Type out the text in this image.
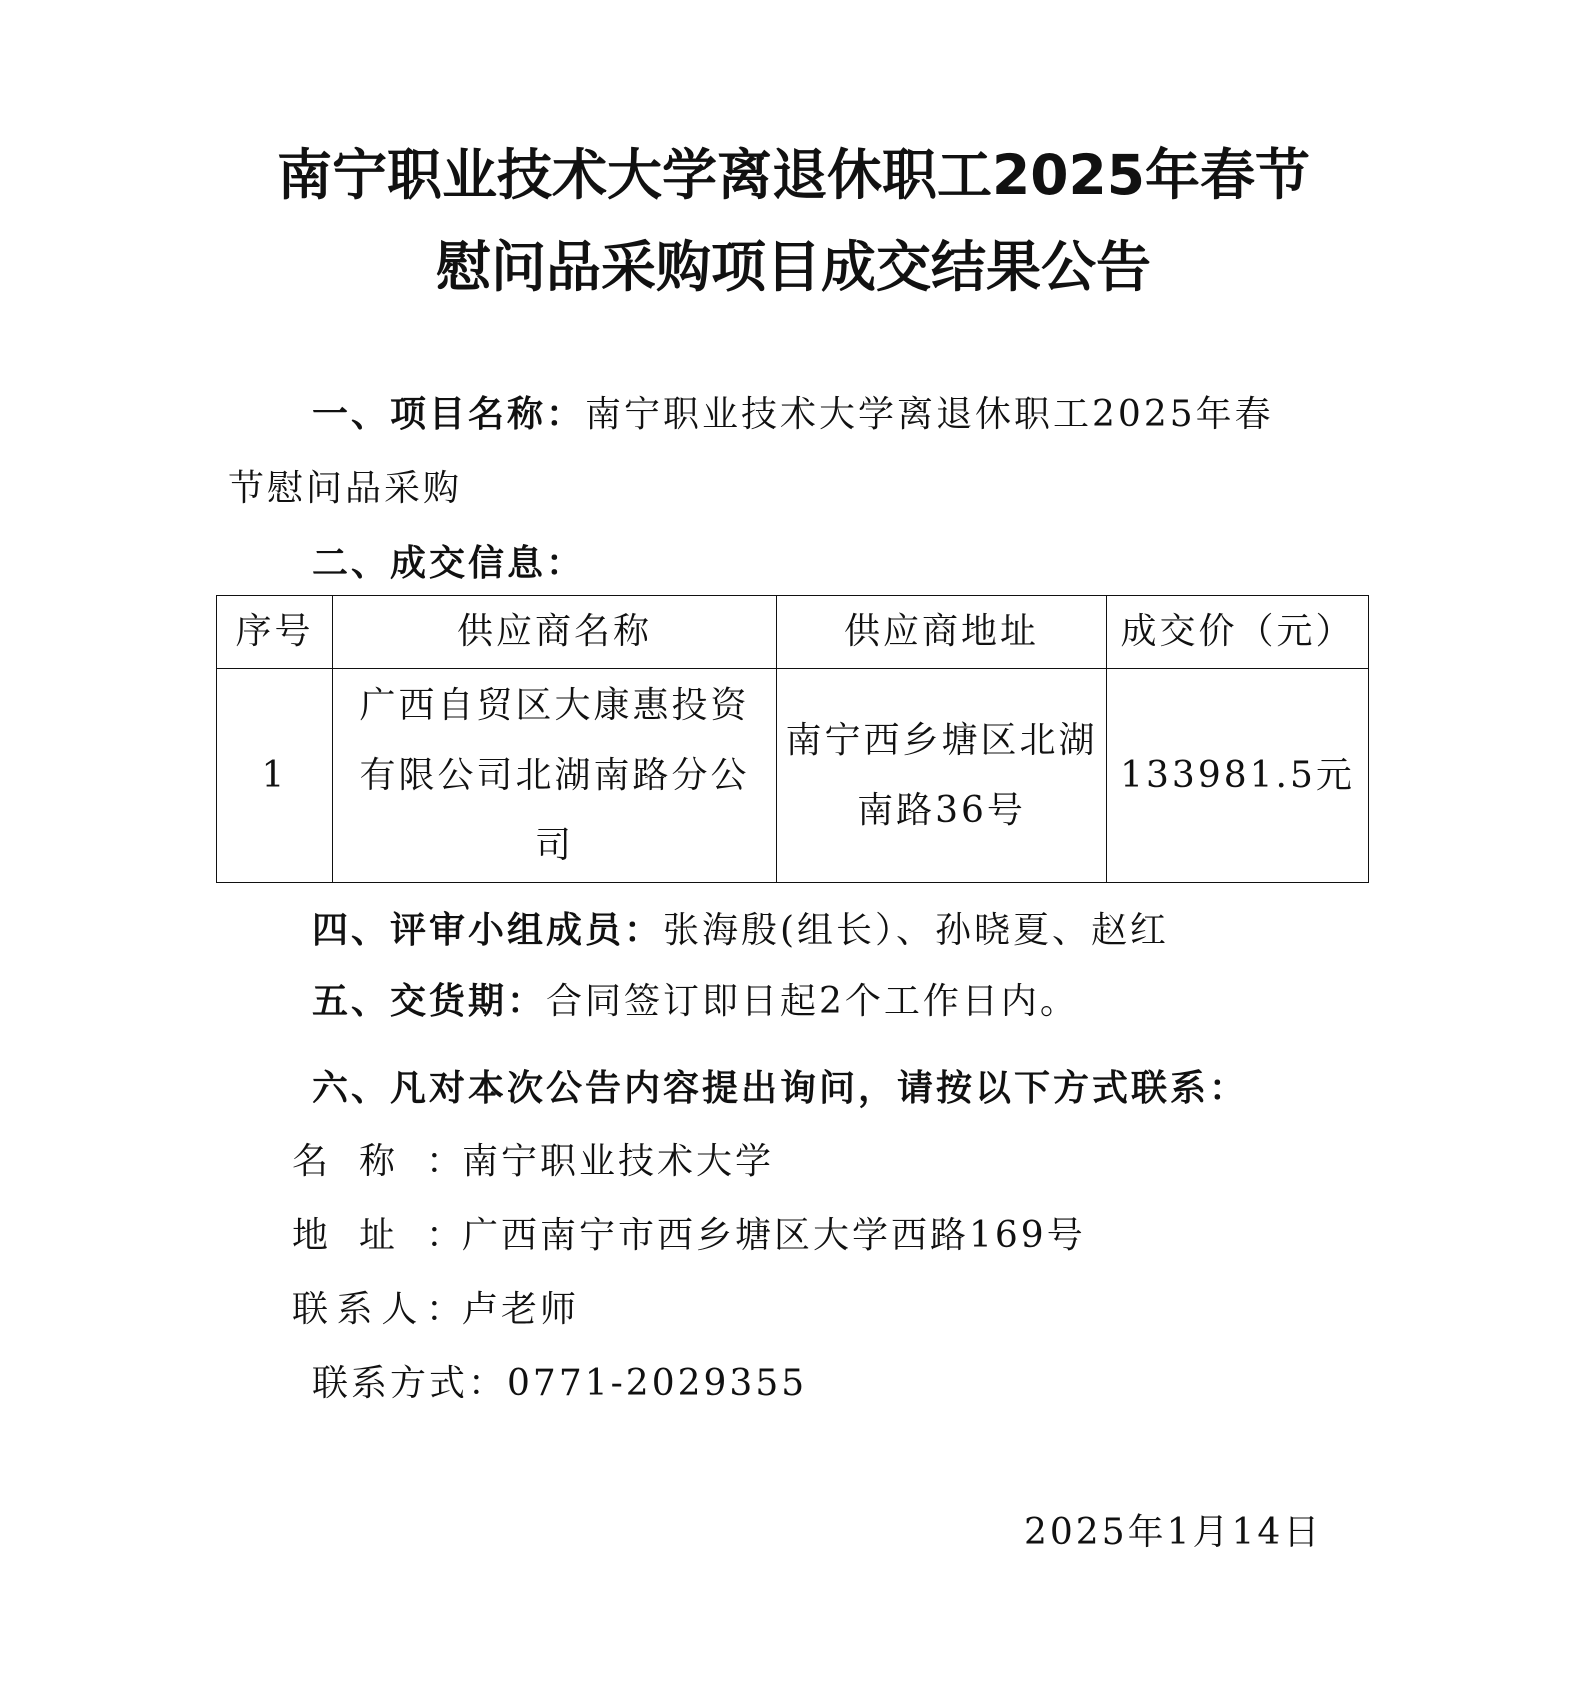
南宁职业技术大学离退休职工2025年春节
慰问品采购项目成交结果公告
一、项目名称：南宁职业技术大学离退休职工2025年春
节慰问品采购
二、成交信息：
序号	供应商名称	供应商地址	成交价（元）
1	广西自贸区大康惠投资有限公司北湖南路分公司	南宁西乡塘区北湖南路36号	133981.5元
四、评审小组成员：张海殷(组长）、孙晓夏、赵红
五、交货期：合同签订即日起2个工作日内。
六、凡对本次公告内容提出询问，请按以下方式联系：
名称：南宁职业技术大学
地址：广西南宁市西乡塘区大学西路169号
联系人：卢老师
联系方式：0771-2029355
2025年1月14日
